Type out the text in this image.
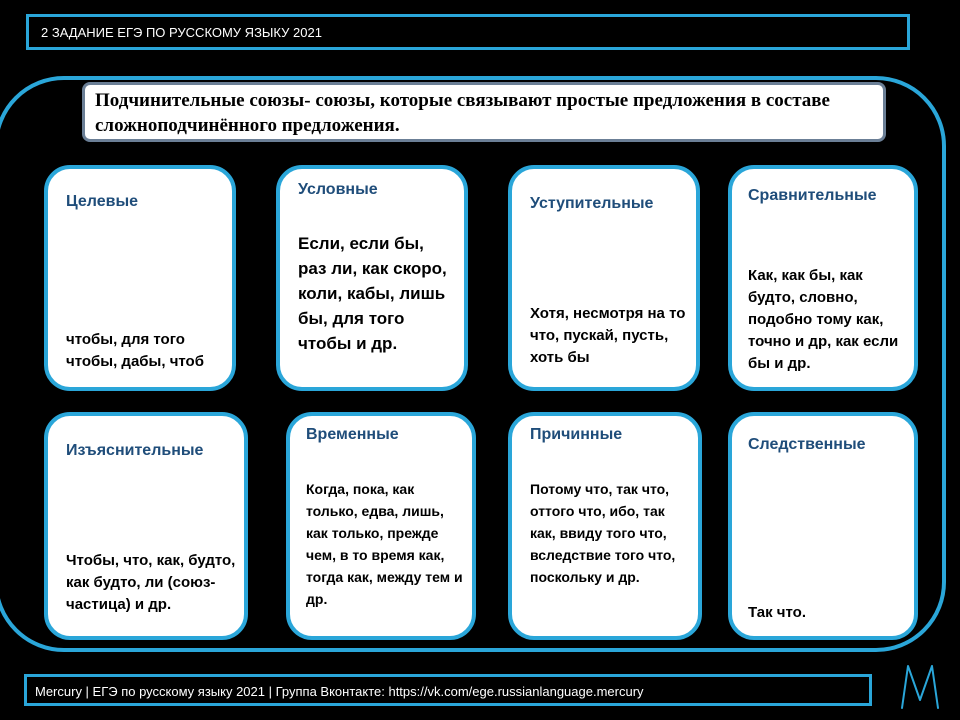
2 ЗАДАНИЕ ЕГЭ ПО РУССКОМУ ЯЗЫКУ 2021
Подчинительные союзы- союзы, которые связывают простые предложения в составе сложноподчинённого предложения.
Целевые
чтобы, для того чтобы, дабы, чтоб
Условные
Если, если бы, раз ли, как скоро, коли, кабы, лишь бы, для того чтобы и др.
Уступительные
Хотя, несмотря на то что, пускай, пусть, хоть бы
Сравнительные
Как, как бы, как будто, словно, подобно тому как, точно и др, как если бы и др.
Изъяснительные
Чтобы, что, как, будто, как будто, ли (союз-частица) и др.
Временные
Когда, пока, как только, едва, лишь, как только, прежде чем, в то время как, тогда как, между тем и др.
Причинные
Потому что, так что, оттого что, ибо, так как, ввиду того что, вследствие того что, поскольку и др.
Следственные
Так что.
Mercury | ЕГЭ по русскому языку 2021 | Группа Вконтакте: https://vk.com/ege.russianlanguage.mercury
